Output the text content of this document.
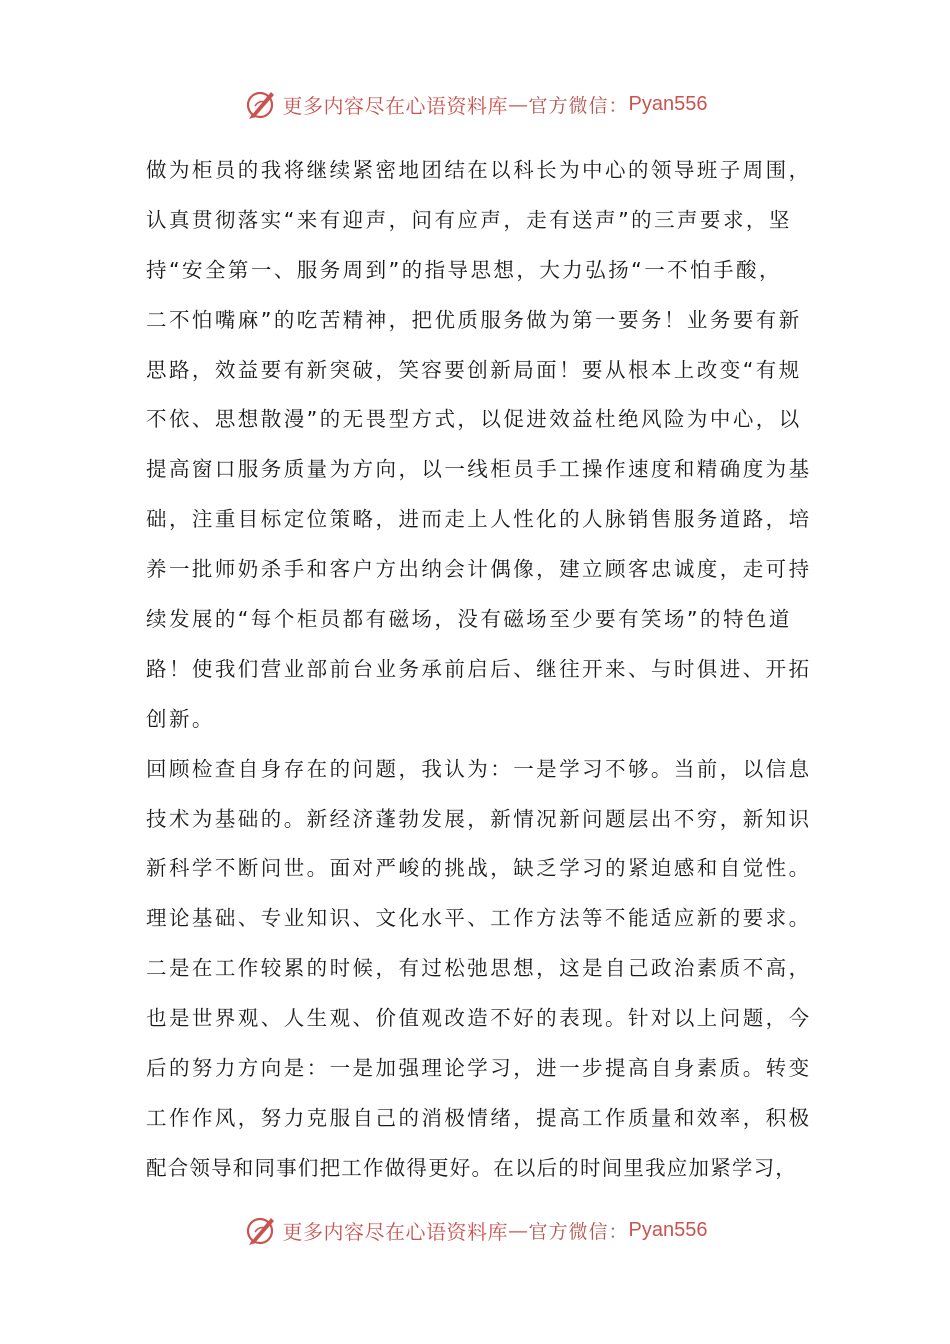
更多内容尽在心语资料库 — 官方微信： Pyan556
做为柜员的我将继续紧密地团结在以科长为中心的领导班子周围，
认真贯彻落实“来有迎声，问有应声，走有送声”的三声要求，坚
持“安全第一、服务周到”的指导思想，大力弘扬“一不怕手酸，
二不怕嘴麻”的吃苦精神，把优质服务做为第一要务！业务要有新
思路，效益要有新突破，笑容要创新局面！要从根本上改变“有规
不依、思想散漫”的无畏型方式，以促进效益杜绝风险为中心，以
提高窗口服务质量为方向，以一线柜员手工操作速度和精确度为基
础，注重目标定位策略，进而走上人性化的人脉销售服务道路，培
养一批师奶杀手和客户方出纳会计偶像，建立顾客忠诚度，走可持
续发展的“每个柜员都有磁场，没有磁场至少要有笑场”的特色道
路！使我们营业部前台业务承前启后、继往开来、与时俱进、开拓
创新。
回顾检查自身存在的问题，我认为：一是学习不够。当前，以信息
技术为基础的。新经济蓬勃发展，新情况新问题层出不穷，新知识
新科学不断问世。面对严峻的挑战，缺乏学习的紧迫感和自觉性。
理论基础、专业知识、文化水平、工作方法等不能适应新的要求。
二是在工作较累的时候，有过松弛思想，这是自己政治素质不高，
也是世界观、人生观、价值观改造不好的表现。针对以上问题，今
后的努力方向是：一是加强理论学习，进一步提高自身素质。转变
工作作风，努力克服自己的消极情绪，提高工作质量和效率，积极
配合领导和同事们把工作做得更好。在以后的时间里我应加紧学习，
更多内容尽在心语资料库 — 官方微信： Pyan556
